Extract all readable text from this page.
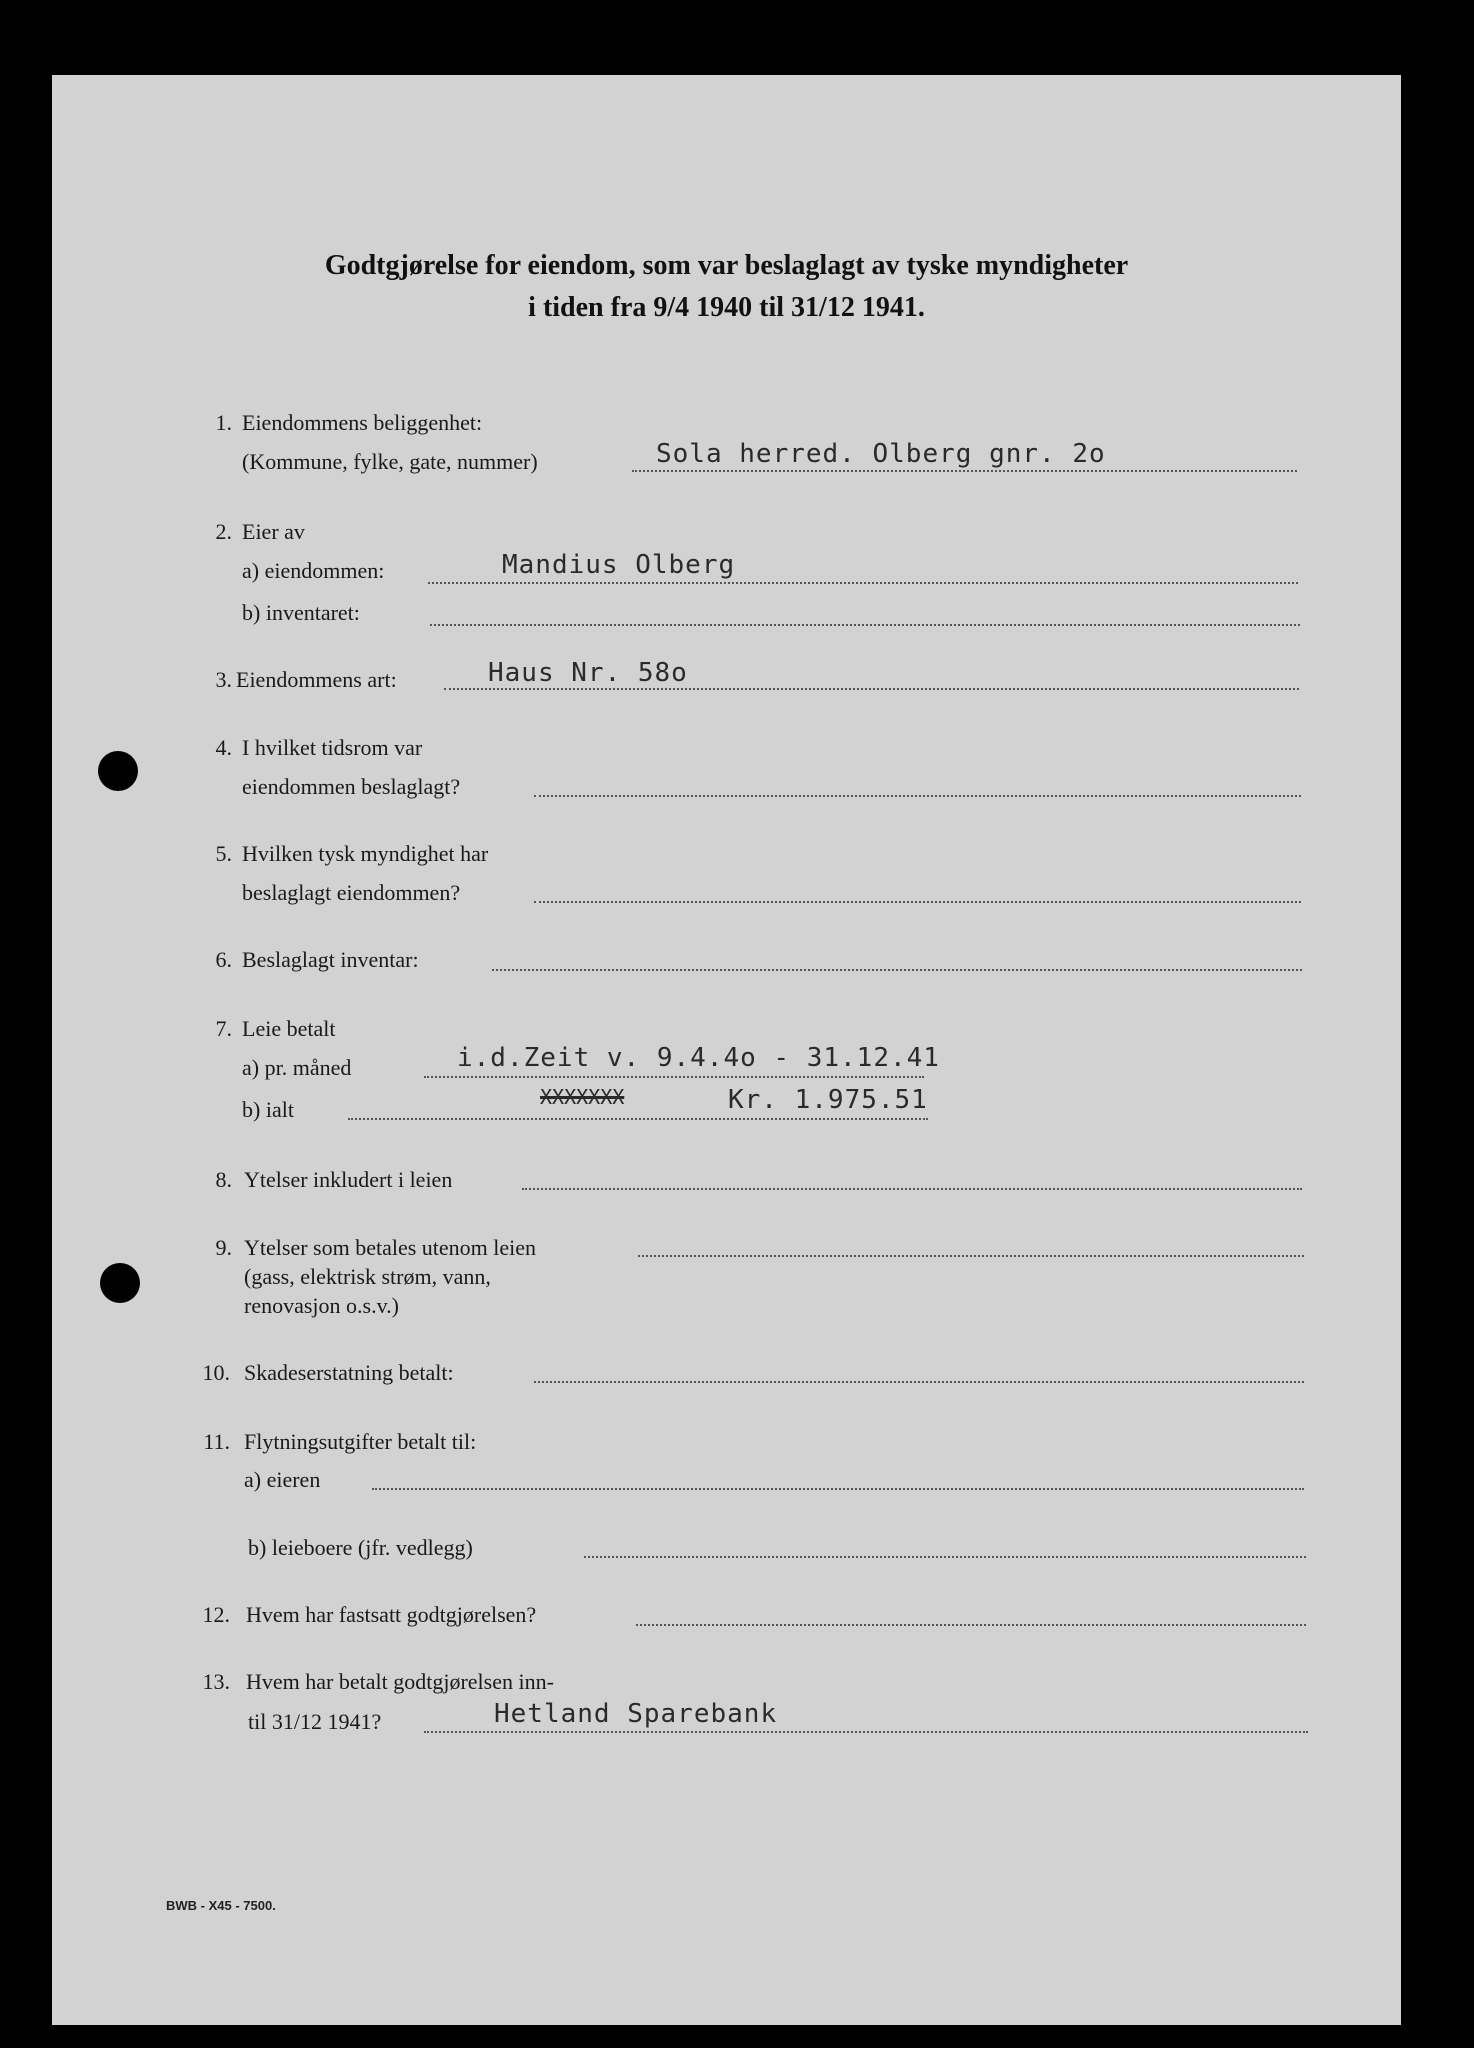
Godtgjørelse for eiendom, som var beslaglagt av tyske myndigheter
i tiden fra 9/4 1940 til 31/12 1941.
1. Eiendommens beliggenhet:
(Kommune, fylke, gate, nummer)	Sola herred. Olberg gnr. 2o
2. Eier av
a) eiendommen:	Mandius Olberg
b) inventaret:
3. Eiendommens art:	Haus Nr. 58o
4. I hvilket tidsrom var
eiendommen beslaglagt?
5. Hvilken tysk myndighet har
beslaglagt eiendommen?
6. Beslaglagt inventar:
7. Leie betalt
a) pr. måned	i.d.Zeit v. 9.4.4o - 31.12.41
b) ialt	XXXXXXX	Kr. 1.975.51
8. Ytelser inkludert i leien
9. Ytelser som betales utenom leien
(gass, elektrisk strøm, vann,
renovasjon o.s.v.)
10. Skadeserstatning betalt:
11. Flytningsutgifter betalt til:
a) eieren
b) leieboere (jfr. vedlegg)
12. Hvem har fastsatt godtgjørelsen?
13. Hvem har betalt godtgjørelsen inn-
til 31/12 1941?	Hetland Sparebank
BWB - X45 - 7500.
